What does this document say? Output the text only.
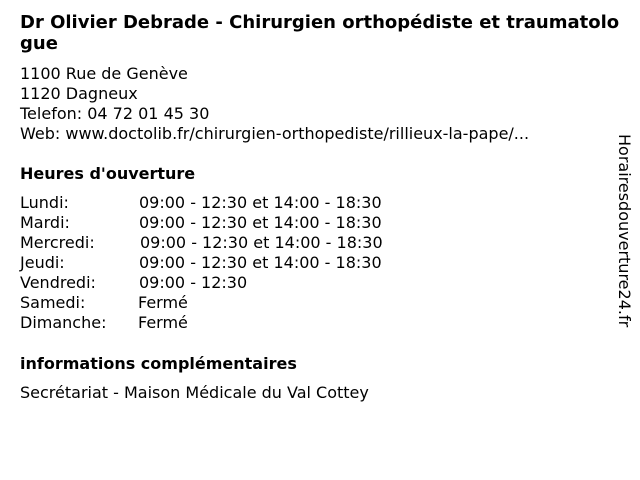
Dr Olivier Debrade - Chirurgien orthopédiste et traumatologue
1100 Rue de Genève
1120 Dagneux
Telefon: 04 72 01 45 30
Web: www.doctolib.fr/chirurgien-orthopediste/rillieux-la-pape/...
Heures d'ouverture
Lundi:	09:00 - 12:30 et 14:00 - 18:30
Mardi:	09:00 - 12:30 et 14:00 - 18:30
Mercredi:	09:00 - 12:30 et 14:00 - 18:30
Jeudi:	09:00 - 12:30 et 14:00 - 18:30
Vendredi:	09:00 - 12:30
Samedi:	Fermé
Dimanche: Fermé
informations complémentaires
Secrétariat - Maison Médicale du Val Cottey
Horairesdouverture24.fr
